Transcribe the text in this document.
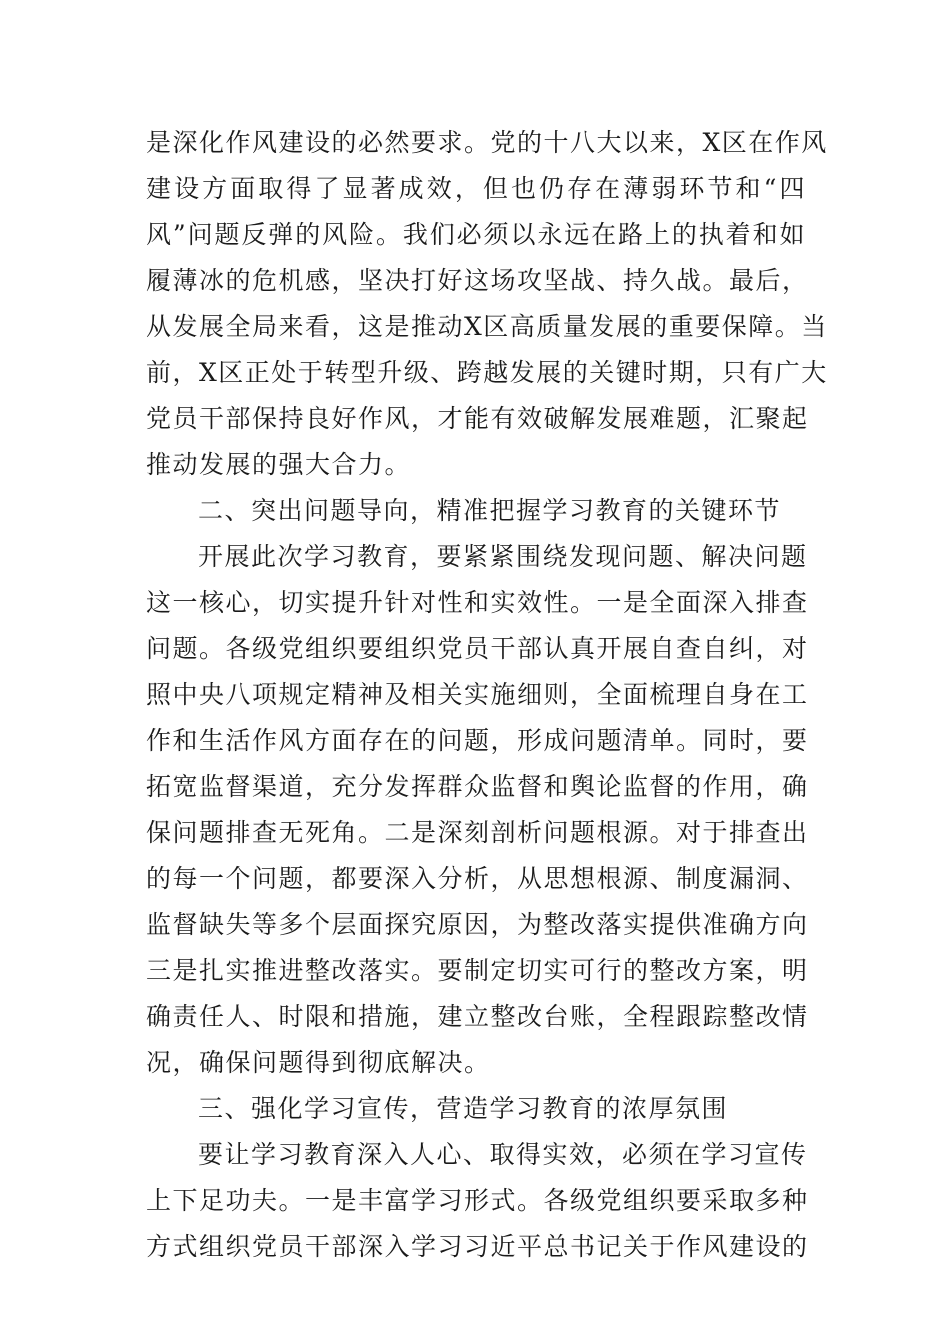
是深化作风建设的必然要求。党的十八大以来，X区在作风
建设方面取得了显著成效，但也仍存在薄弱环节和“四
风”问题反弹的风险。我们必须以永远在路上的执着和如
履薄冰的危机感，坚决打好这场攻坚战、持久战。最后，
从发展全局来看，这是推动X区高质量发展的重要保障。当
前，X区正处于转型升级、跨越发展的关键时期，只有广大
党员干部保持良好作风，才能有效破解发展难题，汇聚起
推动发展的强大合力。
二、突出问题导向，精准把握学习教育的关键环节
开展此次学习教育，要紧紧围绕发现问题、解决问题
这一核心，切实提升针对性和实效性。一是全面深入排查
问题。各级党组织要组织党员干部认真开展自查自纠，对
照中央八项规定精神及相关实施细则，全面梳理自身在工
作和生活作风方面存在的问题，形成问题清单。同时，要
拓宽监督渠道，充分发挥群众监督和舆论监督的作用，确
保问题排查无死角。二是深刻剖析问题根源。对于排查出
的每一个问题，都要深入分析，从思想根源、制度漏洞、
监督缺失等多个层面探究原因，为整改落实提供准确方向
三是扎实推进整改落实。要制定切实可行的整改方案，明
确责任人、时限和措施，建立整改台账，全程跟踪整改情
况，确保问题得到彻底解决。
三、强化学习宣传，营造学习教育的浓厚氛围
要让学习教育深入人心、取得实效，必须在学习宣传
上下足功夫。一是丰富学习形式。各级党组织要采取多种
方式组织党员干部深入学习习近平总书记关于作风建设的
